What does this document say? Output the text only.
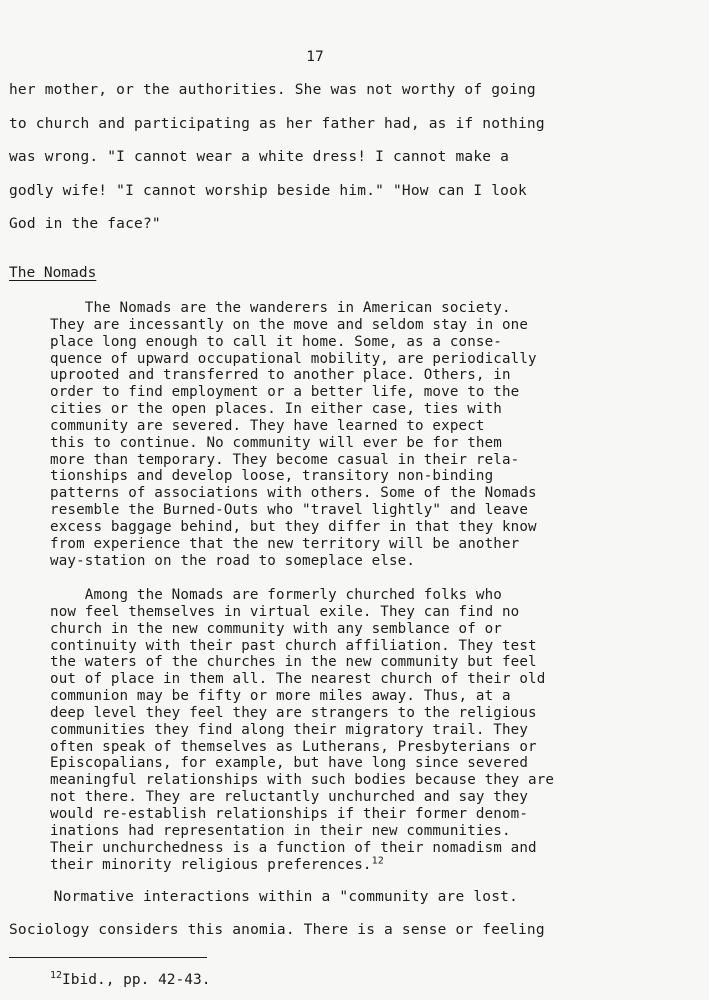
17
her mother, or the authorities. She was not worthy of going
to church and participating as her father had, as if nothing
was wrong. "I cannot wear a white dress! I cannot make a
godly wife! "I cannot worship beside him." "How can I look
God in the face?"
The Nomads
The Nomads are the wanderers in American society.
They are incessantly on the move and seldom stay in one
place long enough to call it home. Some, as a conse-
quence of upward occupational mobility, are periodically
uprooted and transferred to another place. Others, in
order to find employment or a better life, move to the
cities or the open places. In either case, ties with
community are severed. They have learned to expect
this to continue. No community will ever be for them
more than temporary. They become casual in their rela-
tionships and develop loose, transitory non-binding
patterns of associations with others. Some of the Nomads
resemble the Burned-Outs who "travel lightly" and leave
excess baggage behind, but they differ in that they know
from experience that the new territory will be another
way-station on the road to someplace else.
Among the Nomads are formerly churched folks who
now feel themselves in virtual exile. They can find no
church in the new community with any semblance of or
continuity with their past church affiliation. They test
the waters of the churches in the new community but feel
out of place in them all. The nearest church of their old
communion may be fifty or more miles away. Thus, at a
deep level they feel they are strangers to the religious
communities they find along their migratory trail. They
often speak of themselves as Lutherans, Presbyterians or
Episcopalians, for example, but have long since severed
meaningful relationships with such bodies because they are
not there. They are reluctantly unchurched and say they
would re-establish relationships if their former denom-
inations had representation in their new communities.
Their unchurchedness is a function of their nomadism and
their minority religious preferences.$^{12}$
Normative interactions within a "community are lost.
Sociology considers this anomia. There is a sense or feeling
$^{12}$Ibid., pp. 42-43.
